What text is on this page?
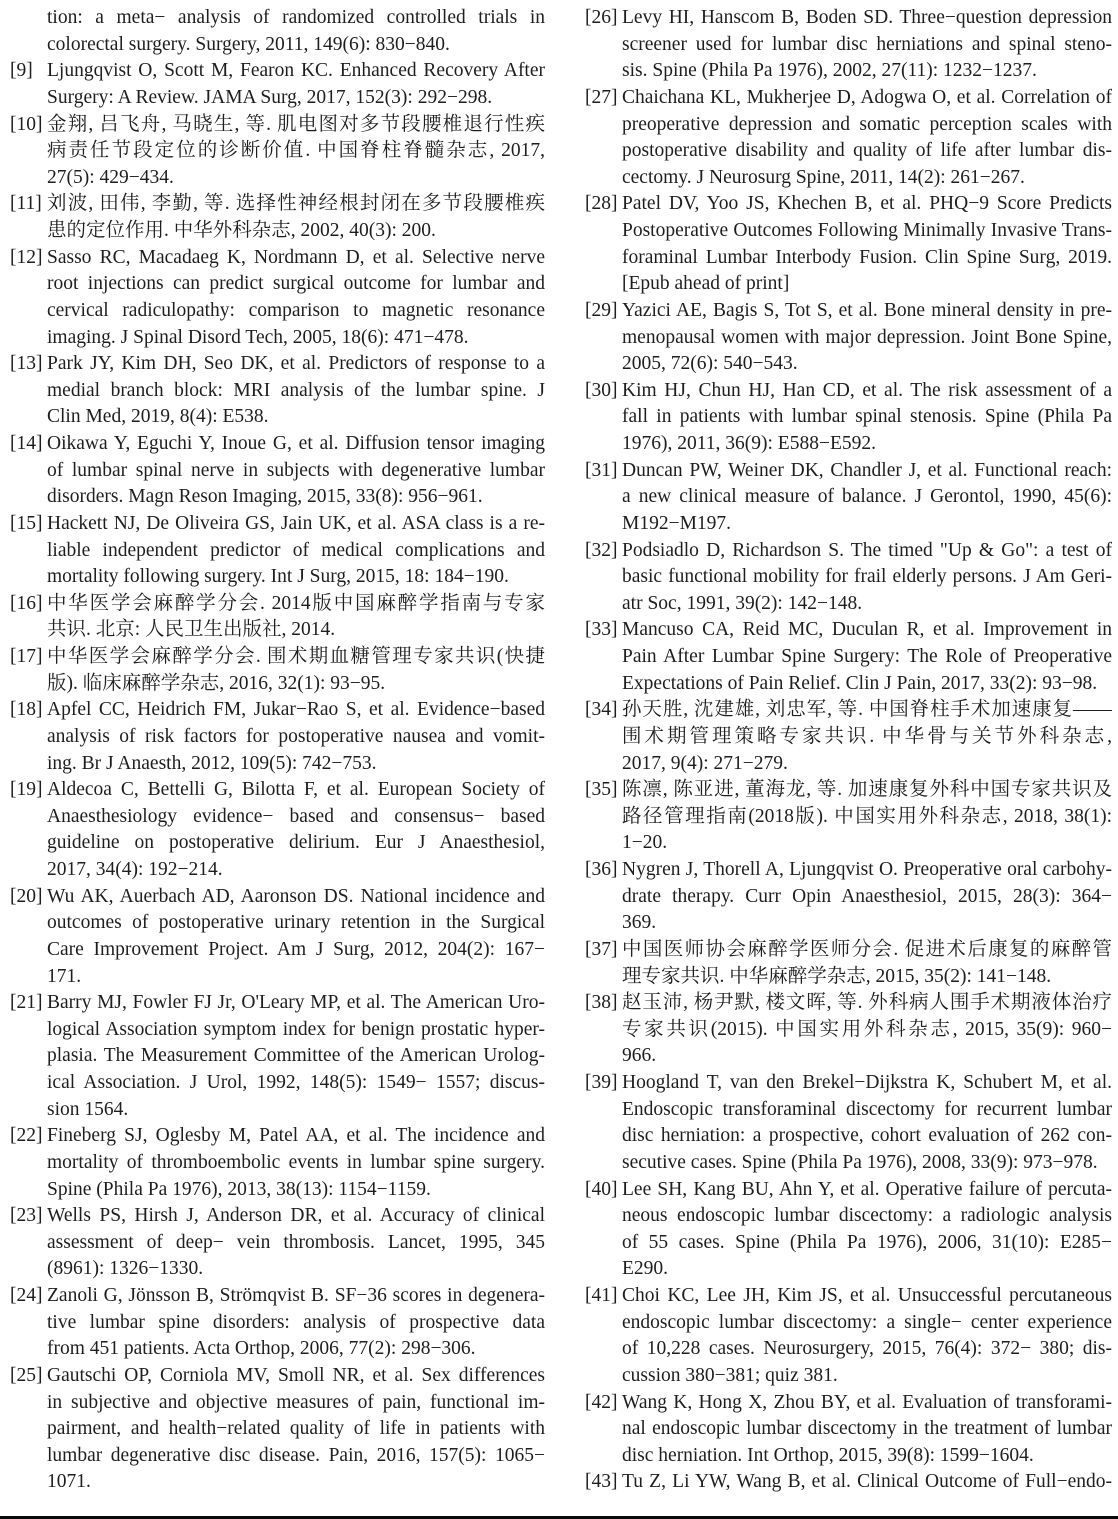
tion: a meta− analysis of randomized controlled trials in
colorectal surgery. Surgery, 2011, 149(6): 830−840.
[9] Ljungqvist O, Scott M, Fearon KC. Enhanced Recovery After
Surgery: A Review. JAMA Surg, 2017, 152(3): 292−298.
[10] 金翔, 吕飞舟, 马晓生, 等. 肌电图对多节段腰椎退行性疾
病责任节段定位的诊断价值. 中国脊柱脊髓杂志, 2017,
27(5): 429−434.
[11] 刘波, 田伟, 李勤, 等. 选择性神经根封闭在多节段腰椎疾
患的定位作用. 中华外科杂志, 2002, 40(3): 200.
[12] Sasso RC, Macadaeg K, Nordmann D, et al. Selective nerve
root injections can predict surgical outcome for lumbar and
cervical radiculopathy: comparison to magnetic resonance
imaging. J Spinal Disord Tech, 2005, 18(6): 471−478.
[13] Park JY, Kim DH, Seo DK, et al. Predictors of response to a
medial branch block: MRI analysis of the lumbar spine. J
Clin Med, 2019, 8(4): E538.
[14] Oikawa Y, Eguchi Y, Inoue G, et al. Diffusion tensor imaging
of lumbar spinal nerve in subjects with degenerative lumbar
disorders. Magn Reson Imaging, 2015, 33(8): 956−961.
[15] Hackett NJ, De Oliveira GS, Jain UK, et al. ASA class is a re-
liable independent predictor of medical complications and
mortality following surgery. Int J Surg, 2015, 18: 184−190.
[16] 中华医学会麻醉学分会. 2014版中国麻醉学指南与专家
共识. 北京: 人民卫生出版社, 2014.
[17] 中华医学会麻醉学分会. 围术期血糖管理专家共识(快捷
版). 临床麻醉学杂志, 2016, 32(1): 93−95.
[18] Apfel CC, Heidrich FM, Jukar−Rao S, et al. Evidence−based
analysis of risk factors for postoperative nausea and vomit-
ing. Br J Anaesth, 2012, 109(5): 742−753.
[19] Aldecoa C, Bettelli G, Bilotta F, et al. European Society of
Anaesthesiology evidence− based and consensus− based
guideline on postoperative delirium. Eur J Anaesthesiol,
2017, 34(4): 192−214.
[20] Wu AK, Auerbach AD, Aaronson DS. National incidence and
outcomes of postoperative urinary retention in the Surgical
Care Improvement Project. Am J Surg, 2012, 204(2): 167−
171.
[21] Barry MJ, Fowler FJ Jr, O'Leary MP, et al. The American Uro-
logical Association symptom index for benign prostatic hyper-
plasia. The Measurement Committee of the American Urolog-
ical Association. J Urol, 1992, 148(5): 1549− 1557; discus-
sion 1564.
[22] Fineberg SJ, Oglesby M, Patel AA, et al. The incidence and
mortality of thromboembolic events in lumbar spine surgery.
Spine (Phila Pa 1976), 2013, 38(13): 1154−1159.
[23] Wells PS, Hirsh J, Anderson DR, et al. Accuracy of clinical
assessment of deep− vein thrombosis. Lancet, 1995, 345
(8961): 1326−1330.
[24] Zanoli G, Jönsson B, Strömqvist B. SF−36 scores in degenera-
tive lumbar spine disorders: analysis of prospective data
from 451 patients. Acta Orthop, 2006, 77(2): 298−306.
[25] Gautschi OP, Corniola MV, Smoll NR, et al. Sex differences
in subjective and objective measures of pain, functional im-
pairment, and health−related quality of life in patients with
lumbar degenerative disc disease. Pain, 2016, 157(5): 1065−
1071.
[26] Levy HI, Hanscom B, Boden SD. Three−question depression
screener used for lumbar disc herniations and spinal steno-
sis. Spine (Phila Pa 1976), 2002, 27(11): 1232−1237.
[27] Chaichana KL, Mukherjee D, Adogwa O, et al. Correlation of
preoperative depression and somatic perception scales with
postoperative disability and quality of life after lumbar dis-
cectomy. J Neurosurg Spine, 2011, 14(2): 261−267.
[28] Patel DV, Yoo JS, Khechen B, et al. PHQ−9 Score Predicts
Postoperative Outcomes Following Minimally Invasive Trans-
foraminal Lumbar Interbody Fusion. Clin Spine Surg, 2019.
[Epub ahead of print]
[29] Yazici AE, Bagis S, Tot S, et al. Bone mineral density in pre-
menopausal women with major depression. Joint Bone Spine,
2005, 72(6): 540−543.
[30] Kim HJ, Chun HJ, Han CD, et al. The risk assessment of a
fall in patients with lumbar spinal stenosis. Spine (Phila Pa
1976), 2011, 36(9): E588−E592.
[31] Duncan PW, Weiner DK, Chandler J, et al. Functional reach:
a new clinical measure of balance. J Gerontol, 1990, 45(6):
M192−M197.
[32] Podsiadlo D, Richardson S. The timed "Up & Go": a test of
basic functional mobility for frail elderly persons. J Am Geri-
atr Soc, 1991, 39(2): 142−148.
[33] Mancuso CA, Reid MC, Duculan R, et al. Improvement in
Pain After Lumbar Spine Surgery: The Role of Preoperative
Expectations of Pain Relief. Clin J Pain, 2017, 33(2): 93−98.
[34] 孙天胜, 沈建雄, 刘忠军, 等. 中国脊柱手术加速康复——
围术期管理策略专家共识. 中华骨与关节外科杂志,
2017, 9(4): 271−279.
[35] 陈凛, 陈亚进, 董海龙, 等. 加速康复外科中国专家共识及
路径管理指南(2018版). 中国实用外科杂志, 2018, 38(1):
1−20.
[36] Nygren J, Thorell A, Ljungqvist O. Preoperative oral carbohy-
drate therapy. Curr Opin Anaesthesiol, 2015, 28(3): 364−
369.
[37] 中国医师协会麻醉学医师分会. 促进术后康复的麻醉管
理专家共识. 中华麻醉学杂志, 2015, 35(2): 141−148.
[38] 赵玉沛, 杨尹默, 楼文晖, 等. 外科病人围手术期液体治疗
专家共识(2015). 中国实用外科杂志, 2015, 35(9): 960−
966.
[39] Hoogland T, van den Brekel−Dijkstra K, Schubert M, et al.
Endoscopic transforaminal discectomy for recurrent lumbar
disc herniation: a prospective, cohort evaluation of 262 con-
secutive cases. Spine (Phila Pa 1976), 2008, 33(9): 973−978.
[40] Lee SH, Kang BU, Ahn Y, et al. Operative failure of percuta-
neous endoscopic lumbar discectomy: a radiologic analysis
of 55 cases. Spine (Phila Pa 1976), 2006, 31(10): E285−
E290.
[41] Choi KC, Lee JH, Kim JS, et al. Unsuccessful percutaneous
endoscopic lumbar discectomy: a single− center experience
of 10,228 cases. Neurosurgery, 2015, 76(4): 372− 380; dis-
cussion 380−381; quiz 381.
[42] Wang K, Hong X, Zhou BY, et al. Evaluation of transforami-
nal endoscopic lumbar discectomy in the treatment of lumbar
disc herniation. Int Orthop, 2015, 39(8): 1599−1604.
[43] Tu Z, Li YW, Wang B, et al. Clinical Outcome of Full−endo-
